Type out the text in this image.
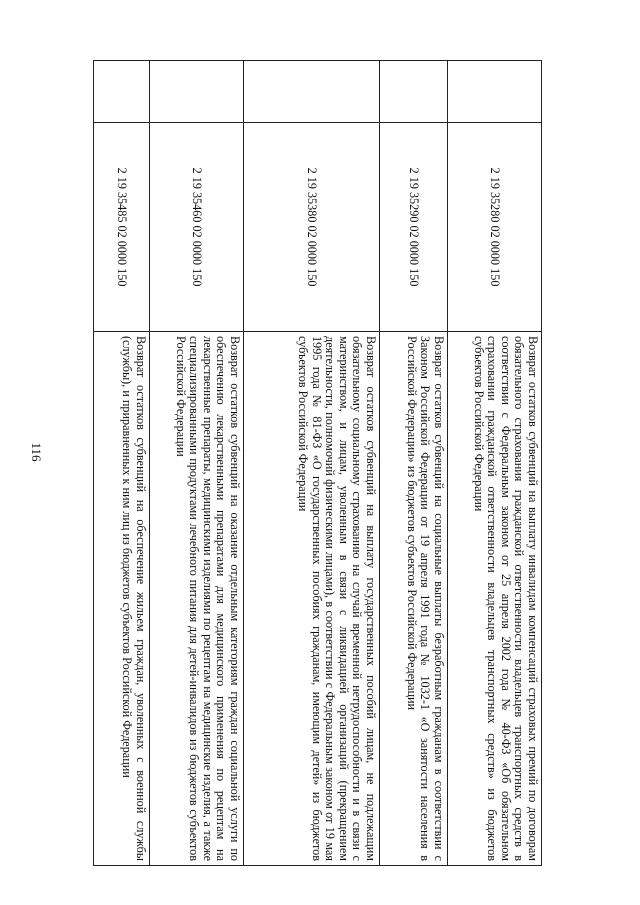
116
	2 19 35280 02 0000 150	Возврат остатков субвенций на выплату инвалидам компенсаций страховых премий по договорам обязательного страхования гражданской ответственности владельцев транспортных средств в соответствии с Федеральным законом от 25 апреля 2002 года № 40-ФЗ «Об обязательном страховании гражданской ответственности владельцев транспортных средств» из бюджетов субъектов Российской Федерации
	2 19 35290 02 0000 150	Возврат остатков субвенций на социальные выплаты безработным гражданам в соответствии с Законом Российской Федерации от 19 апреля 1991 года № 1032-1 «О занятости населения в Российской Федерации» из бюджетов субъектов Российской Федерации
	2 19 35380 02 0000 150	Возврат остатков субвенций на выплату государственных пособий лицам, не подлежащим обязательному социальному страхованию на случай временной нетрудоспособности и в связи с материнством, и лицам, уволенным в связи с ликвидацией организаций (прекращением деятельности, полномочий физическими лицами), в соответствии с Федеральным законом от 19 мая 1995 года № 81-ФЗ «О государственных пособиях гражданам, имеющим детей» из бюджетов субъектов Российской Федерации
	2 19 35460 02 0000 150	Возврат остатков субвенций на оказание отдельным категориям граждан социальной услуги по обеспечению лекарственными препаратами для медицинского применения по рецептам на лекарственные препараты, медицинскими изделиями по рецептам на медицинские изделия, а также специализированными продуктами лечебного питания для детей-инвалидов из бюджетов субъектов Российской Федерации
	2 19 35485 02 0000 150	Возврат остатков субвенций на обеспечение жильем граждан, уволенных с военной службы (службы), и приравненных к ним лиц из бюджетов субъектов Российской Федерации
